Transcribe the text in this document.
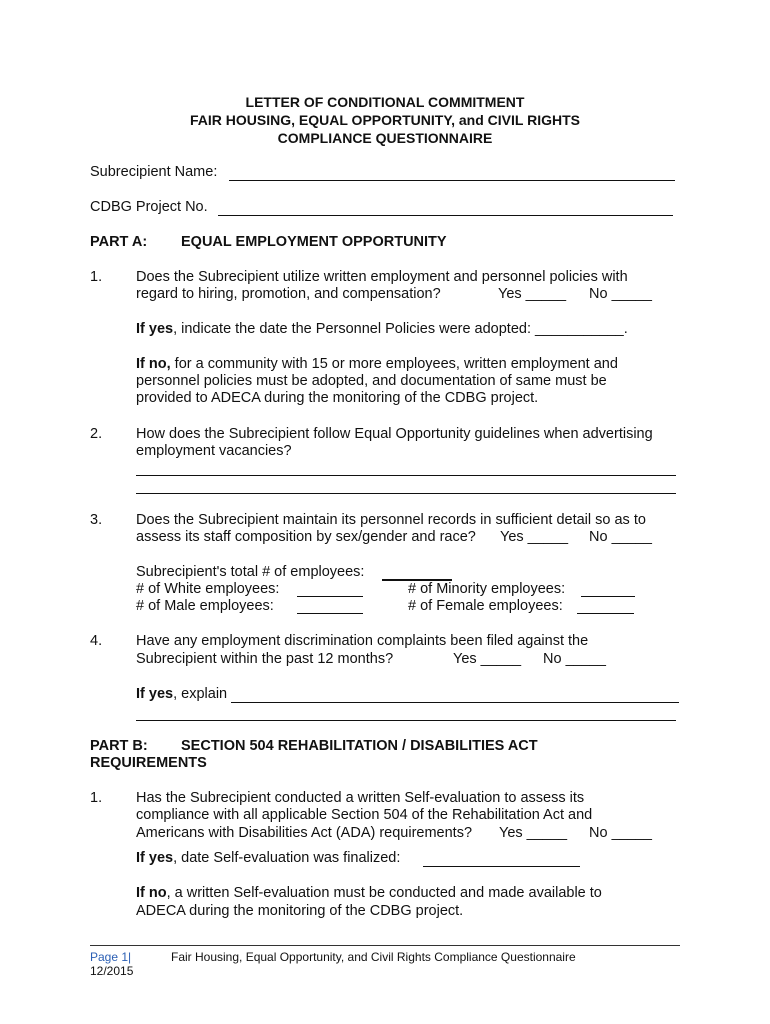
LETTER OF CONDITIONAL COMMITMENT
FAIR HOUSING, EQUAL OPPORTUNITY, and CIVIL RIGHTS
COMPLIANCE QUESTIONNAIRE
Subrecipient Name:
CDBG Project No.
PART A: EQUAL EMPLOYMENT OPPORTUNITY
1. Does the Subrecipient utilize written employment and personnel policies with
regard to hiring, promotion, and compensation?	Yes _____ No _____
If yes, indicate the date the Personnel Policies were adopted: ___________.
If no, for a community with 15 or more employees, written employment and
personnel policies must be adopted, and documentation of same must be
provided to ADECA during the monitoring of the CDBG project.
2. How does the Subrecipient follow Equal Opportunity guidelines when advertising
employment vacancies?
3. Does the Subrecipient maintain its personnel records in sufficient detail so as to
assess its staff composition by sex/gender and race? Yes _____ No _____
Subrecipient's total # of employees:
# of White employees:	# of Minority employees:
# of Male employees:	# of Female employees:
4. Have any employment discrimination complaints been filed against the
Subrecipient within the past 12 months?	Yes _____ No _____
If yes, explain
PART B: SECTION 504 REHABILITATION / DISABILITIES ACT
REQUIREMENTS
1. Has the Subrecipient conducted a written Self-evaluation to assess its
compliance with all applicable Section 504 of the Rehabilitation Act and
Americans with Disabilities Act (ADA) requirements? Yes _____ No _____
If yes, date Self-evaluation was finalized:
If no, a written Self-evaluation must be conducted and made available to
ADECA during the monitoring of the CDBG project.
Page 1|
12/2015
Fair Housing, Equal Opportunity, and Civil Rights Compliance Questionnaire
